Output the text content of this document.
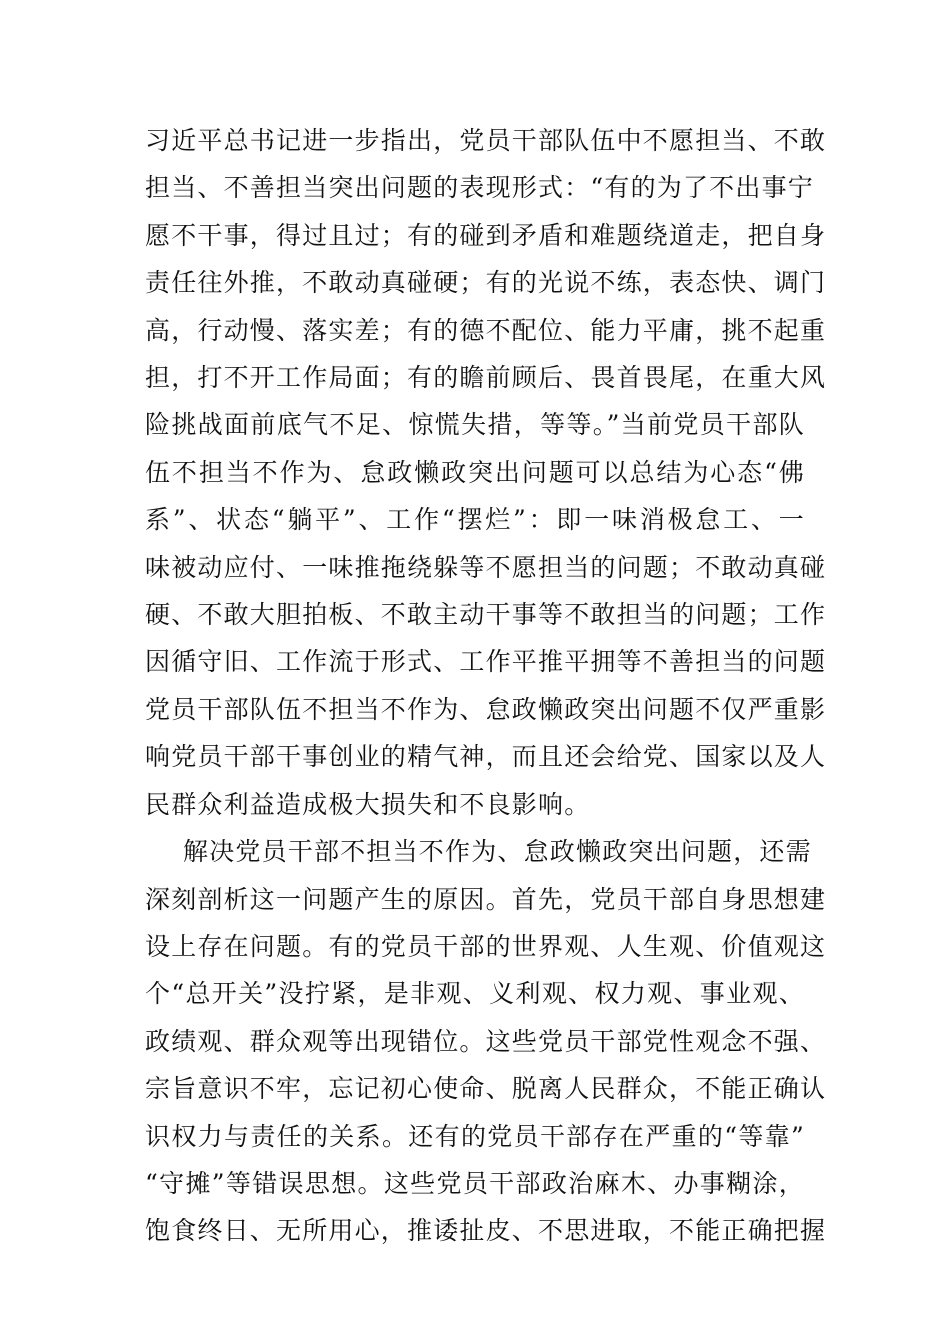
习近平总书记进一步指出，党员干部队伍中不愿担当、不敢
担当、不善担当突出问题的表现形式：“有的为了不出事宁
愿不干事，得过且过；有的碰到矛盾和难题绕道走，把自身
责任往外推，不敢动真碰硬；有的光说不练，表态快、调门
高，行动慢、落实差；有的德不配位、能力平庸，挑不起重
担，打不开工作局面；有的瞻前顾后、畏首畏尾，在重大风
险挑战面前底气不足、惊慌失措，等等。”当前党员干部队
伍不担当不作为、怠政懒政突出问题可以总结为心态“佛
系”、状态“躺平”、工作“摆烂”：即一味消极怠工、一
味被动应付、一味推拖绕躲等不愿担当的问题；不敢动真碰
硬、不敢大胆拍板、不敢主动干事等不敢担当的问题；工作
因循守旧、工作流于形式、工作平推平拥等不善担当的问题
党员干部队伍不担当不作为、怠政懒政突出问题不仅严重影
响党员干部干事创业的精气神，而且还会给党、国家以及人
民群众利益造成极大损失和不良影响。
解决党员干部不担当不作为、怠政懒政突出问题，还需
深刻剖析这一问题产生的原因。首先，党员干部自身思想建
设上存在问题。有的党员干部的世界观、人生观、价值观这
个“总开关”没拧紧，是非观、义利观、权力观、事业观、
政绩观、群众观等出现错位。这些党员干部党性观念不强、
宗旨意识不牢，忘记初心使命、脱离人民群众，不能正确认
识权力与责任的关系。还有的党员干部存在严重的“等靠”
“守摊”等错误思想。这些党员干部政治麻木、办事糊涂，
饱食终日、无所用心，推诿扯皮、不思进取，不能正确把握
